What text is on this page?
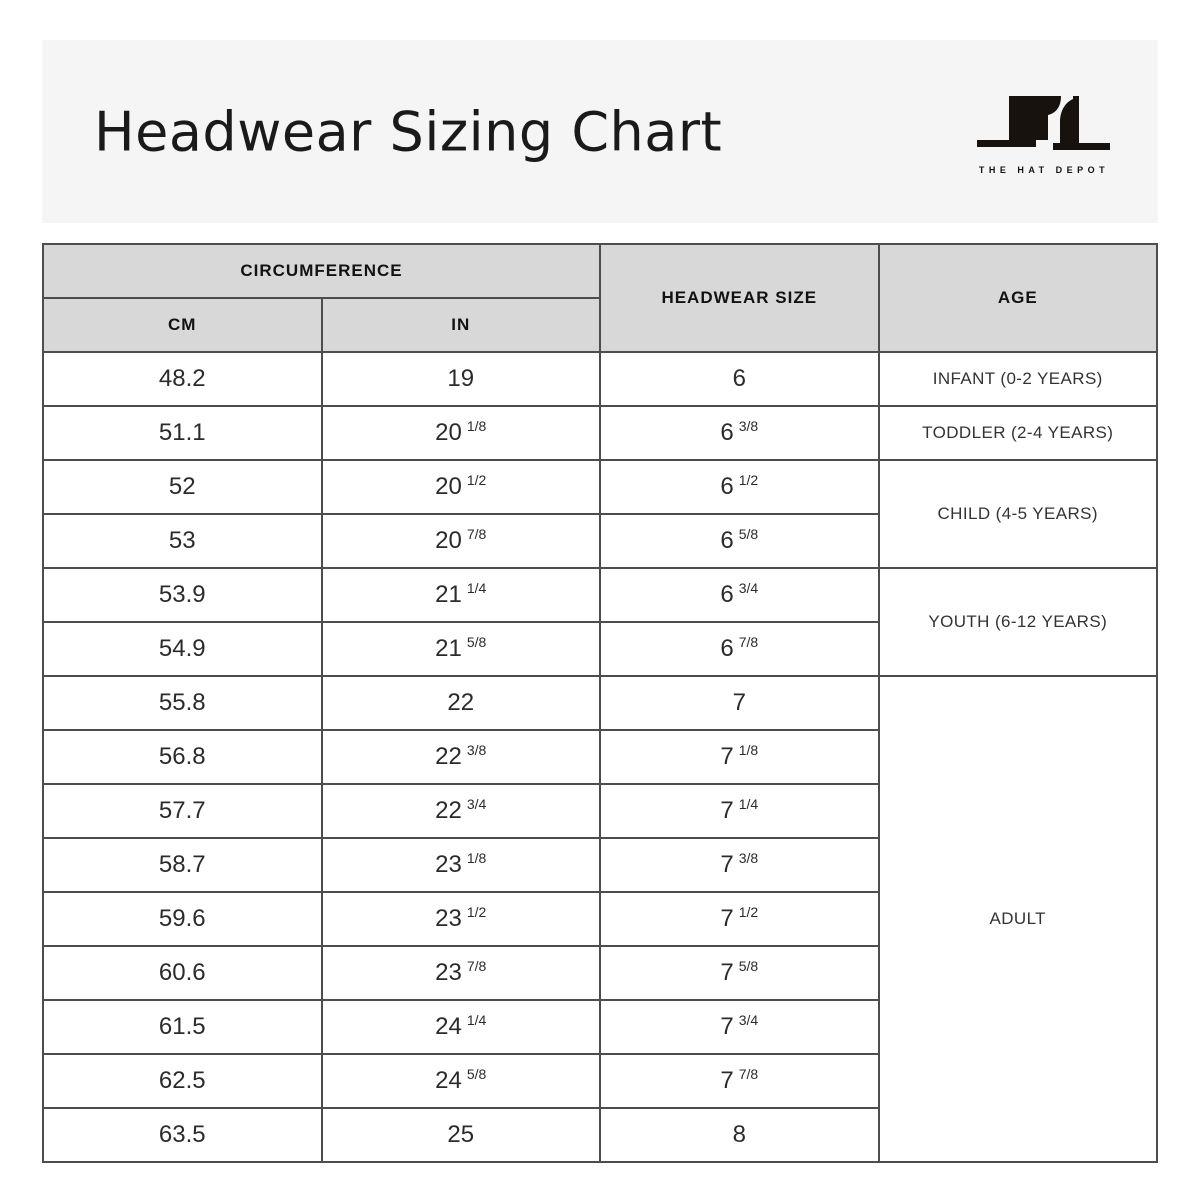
Headwear Sizing Chart
THE HAT DEPOT
CIRCUMFERENCE		HEADWEAR SIZE	AGE
CM	IN		
48.2	19	6	INFANT (0-2 YEARS)
51.1	20 $^{1/8}$	6 $^{3/8}$	TODDLER (2-4 YEARS)
52	20 $^{1/2}$	6 $^{1/2}$	CHILD (4-5 YEARS)
53	20 $^{7/8}$	6 $^{5/8}$
53.9	21 $^{1/4}$	6 $^{3/4}$	YOUTH (6-12 YEARS)
54.9	21 $^{5/8}$	6 $^{7/8}$
55.8	22	7	ADULT
56.8	22 $^{3/8}$	7 $^{1/8}$
57.7	22 $^{3/4}$	7 $^{1/4}$
58.7	23 $^{1/8}$	7 $^{3/8}$
59.6	23 $^{1/2}$	7 $^{1/2}$
60.6	23 $^{7/8}$	7 $^{5/8}$
61.5	24 $^{1/4}$	7 $^{3/4}$
62.5	24 $^{5/8}$	7 $^{7/8}$
63.5	25	8	
